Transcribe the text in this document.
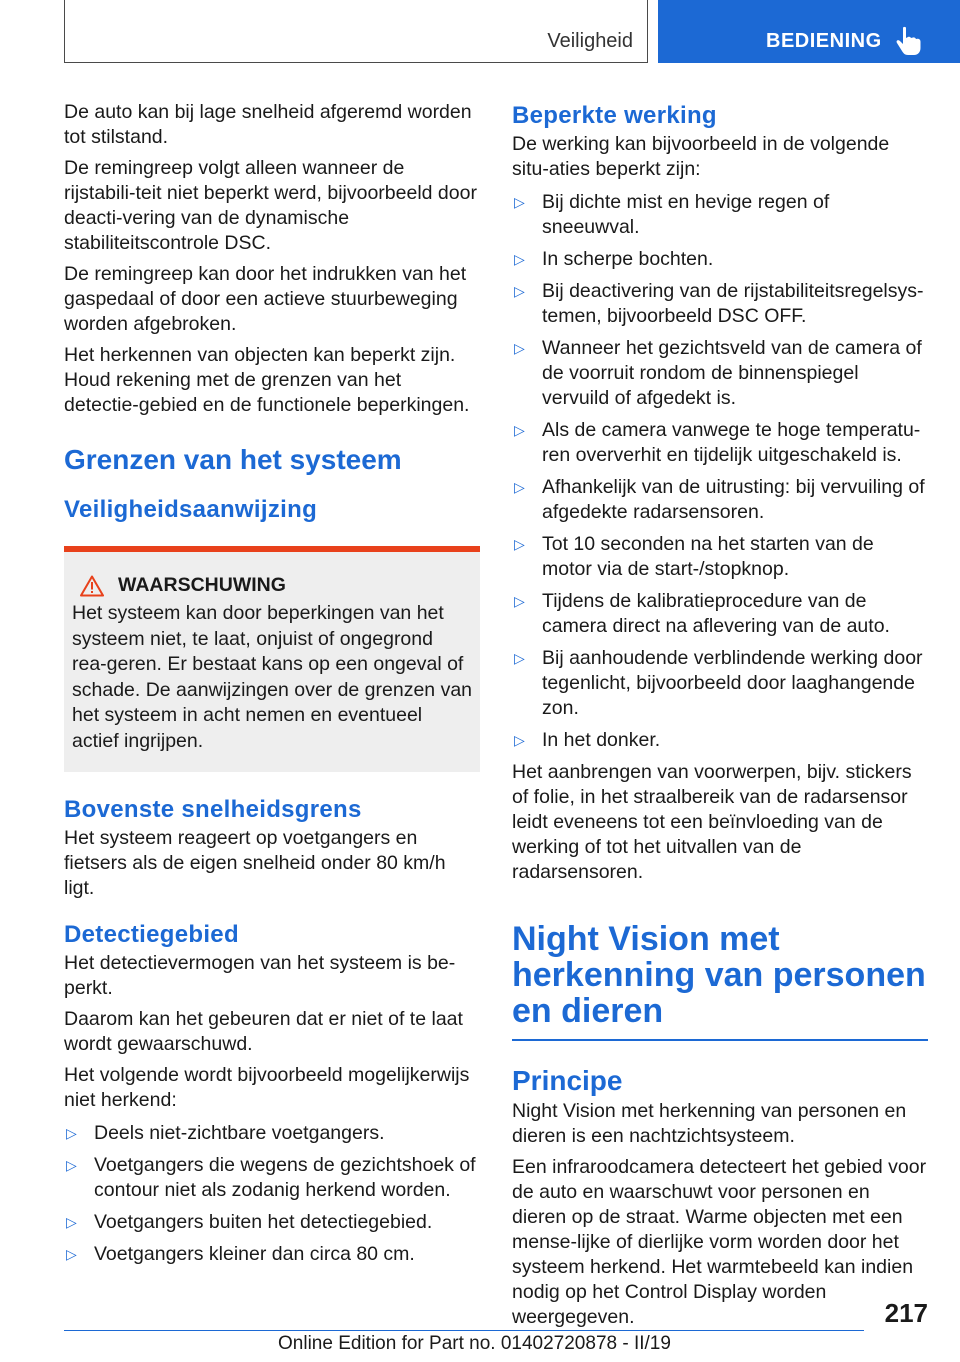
Veiligheid	BEDIENING

De auto kan bij lage snelheid afgeremd worden tot stilstand.

De remingreep volgt alleen wanneer de rijstabili-teit niet beperkt werd, bijvoorbeeld door deacti-vering van de dynamische stabiliteitscontrole DSC.

De remingreep kan door het indrukken van het gaspedaal of door een actieve stuurbeweging worden afgebroken.

Het herkennen van objecten kan beperkt zijn. Houd rekening met de grenzen van het detectie-gebied en de functionele beperkingen.

Grenzen van het systeem
Veiligheidsaanwijzing
WAARSCHUWING
Het systeem kan door beperkingen van het systeem niet, te laat, onjuist of ongegrond rea-geren. Er bestaat kans op een ongeval of schade. De aanwijzingen over de grenzen van het systeem in acht nemen en eventueel actief ingrijpen.
Bovenste snelheidsgrens

Het systeem reageert op voetgangers en fietsers als de eigen snelheid onder 80 km/h ligt.

Detectiegebied

Het detectievermogen van het systeem is be-perkt.

Daarom kan het gebeuren dat er niet of te laat wordt gewaarschuwd.

Het volgende wordt bijvoorbeeld mogelijkerwijs niet herkend:

▷ Deels niet-zichtbare voetgangers.
▷ Voetgangers die wegens de gezichtshoek of contour niet als zodanig herkend worden.
▷ Voetgangers buiten het detectiegebied.
▷ Voetgangers kleiner dan circa 80 cm.
Beperkte werking

De werking kan bijvoorbeeld in de volgende situ-aties beperkt zijn:

▷ Bij dichte mist en hevige regen of sneeuwval.
▷ In scherpe bochten.
▷ Bij deactivering van de rijstabiliteitsregelsys-temen, bijvoorbeeld DSC OFF.
▷ Wanneer het gezichtsveld van de camera of de voorruit rondom de binnenspiegel vervuild of afgedekt is.
▷ Als de camera vanwege te hoge temperatu-ren oververhit en tijdelijk uitgeschakeld is.
▷ Afhankelijk van de uitrusting: bij vervuiling of afgedekte radarsensoren.
▷ Tot 10 seconden na het starten van de motor via de start-/stopknop.
▷ Tijdens de kalibratieprocedure van de camera direct na aflevering van de auto.
▷ Bij aanhoudende verblindende werking door tegenlicht, bijvoorbeeld door laaghangende zon.
▷ In het donker.

Het aanbrengen van voorwerpen, bijv. stickers of folie, in het straalbereik van de radarsensor leidt eveneens tot een beïnvloeding van de werking of tot het uitvallen van de radarsensoren.

Night Vision met herkenning van personen en dieren
Principe

Night Vision met herkenning van personen en dieren is een nachtzichtsysteem.

Een infraroodcamera detecteert het gebied voor de auto en waarschuwt voor personen en dieren op de straat. Warme objecten met een mense-lijke of dierlijke vorm worden door het systeem herkend. Het warmtebeeld kan indien nodig op het Control Display worden weergegeven.	217
Online Edition for Part no. 01402720878 - II/19
